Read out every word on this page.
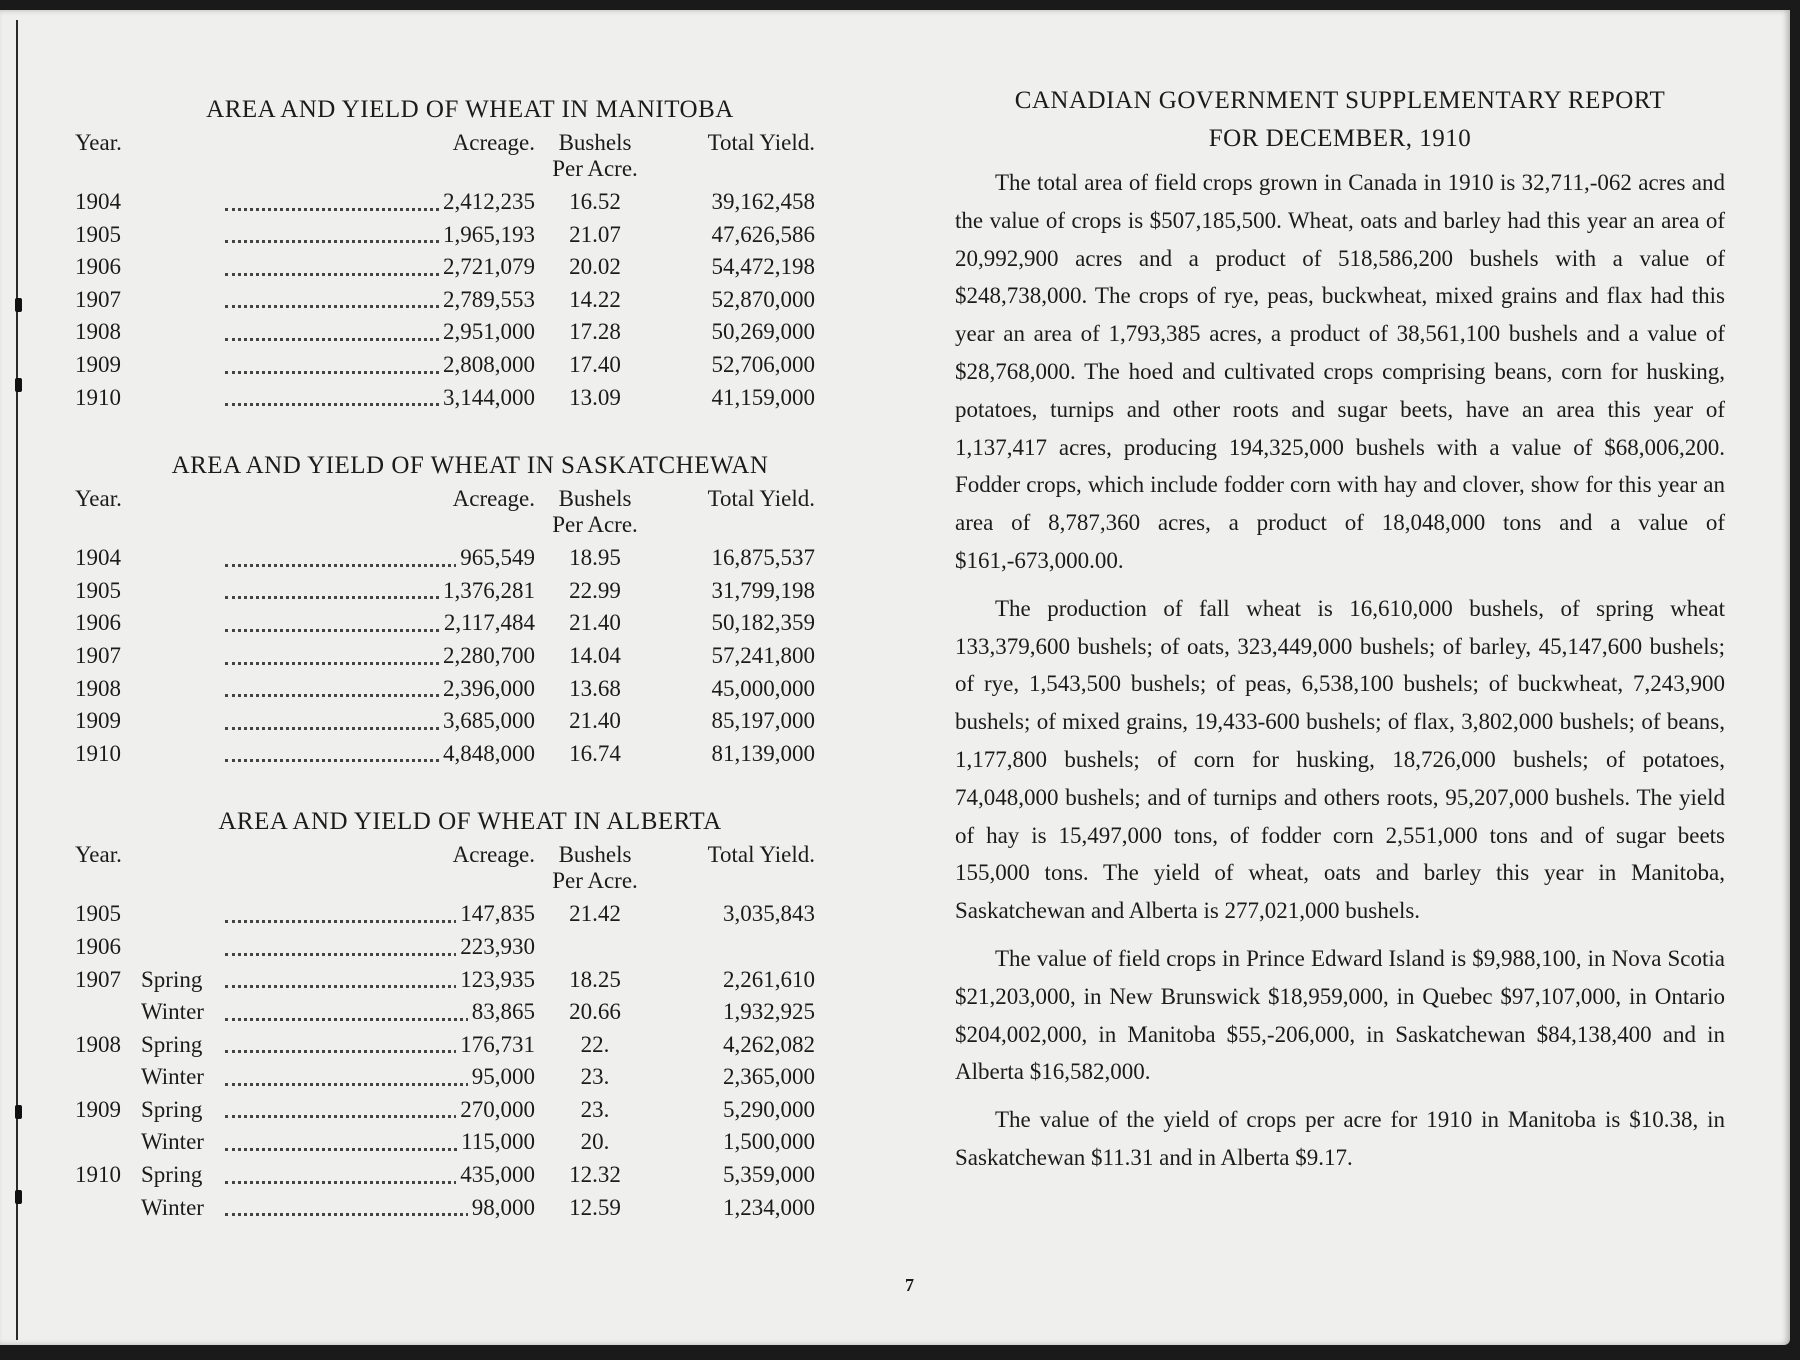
AREA AND YIELD OF WHEAT IN MANITOBA
Year.	Acreage.	Bushels	Total Yield.
Per Acre.
1904	2,412,235	16.52	39,162,458
1905	1,965,193	21.07	47,626,586
1906	2,721,079	20.02	54,472,198
1907	2,789,553	14.22	52,870,000
1908	2,951,000	17.28	50,269,000
1909	2,808,000	17.40	52,706,000
1910	3,144,000	13.09	41,159,000
AREA AND YIELD OF WHEAT IN SASKATCHEWAN
Year.	Acreage.	Bushels	Total Yield.
Per Acre.
1904	965,549	18.95	16,875,537
1905	1,376,281	22.99	31,799,198
1906	2,117,484	21.40	50,182,359
1907	2,280,700	14.04	57,241,800
1908	2,396,000	13.68	45,000,000
1909	3,685,000	21.40	85,197,000
1910	4,848,000	16.74	81,139,000
AREA AND YIELD OF WHEAT IN ALBERTA
Year.	Acreage.	Bushels	Total Yield.
Per Acre.
1905	147,835	21.42	3,035,843
1906	223,930
1907 Spring	123,935	18.25	2,261,610
Winter	83,865	20.66	1,932,925
1908 Spring	176,731	22.	4,262,082
Winter	95,000	23.	2,365,000
1909 Spring	270,000	23.	5,290,000
Winter	115,000	20.	1,500,000
1910 Spring	435,000	12.32	5,359,000
Winter	98,000	12.59	1,234,000
CANADIAN GOVERNMENT SUPPLEMENTARY REPORT
FOR DECEMBER, 1910

The total area of field crops grown in Canada in 1910 is 32,711,-062 acres and the value of crops is $507,185,500. Wheat, oats and barley had this year an area of 20,992,900 acres and a product of 518,586,200 bushels with a value of $248,738,000. The crops of rye, peas, buckwheat, mixed grains and flax had this year an area of 1,793,385 acres, a product of 38,561,100 bushels and a value of $28,768,000. The hoed and cultivated crops comprising beans, corn for husking, potatoes, turnips and other roots and sugar beets, have an area this year of 1,137,417 acres, producing 194,325,000 bushels with a value of $68,006,200. Fodder crops, which include fodder corn with hay and clover, show for this year an area of 8,787,360 acres, a product of 18,048,000 tons and a value of $161,-673,000.00.

The production of fall wheat is 16,610,000 bushels, of spring wheat 133,379,600 bushels; of oats, 323,449,000 bushels; of barley, 45,147,600 bushels; of rye, 1,543,500 bushels; of peas, 6,538,100 bushels; of buckwheat, 7,243,900 bushels; of mixed grains, 19,433-600 bushels; of flax, 3,802,000 bushels; of beans, 1,177,800 bushels; of corn for husking, 18,726,000 bushels; of potatoes, 74,048,000 bushels; and of turnips and others roots, 95,207,000 bushels. The yield of hay is 15,497,000 tons, of fodder corn 2,551,000 tons and of sugar beets 155,000 tons. The yield of wheat, oats and barley this year in Manitoba, Saskatchewan and Alberta is 277,021,000 bushels.

The value of field crops in Prince Edward Island is $9,988,100, in Nova Scotia $21,203,000, in New Brunswick $18,959,000, in Quebec $97,107,000, in Ontario $204,002,000, in Manitoba $55,-206,000, in Saskatchewan $84,138,400 and in Alberta $16,582,000.

The value of the yield of crops per acre for 1910 in Manitoba is $10.38, in Saskatchewan $11.31 and in Alberta $9.17.

7
